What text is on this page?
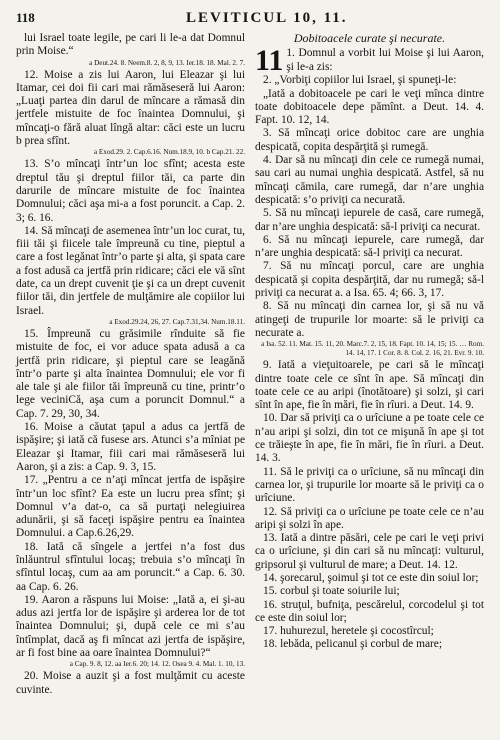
118	LEVITICUL 10, 11.

lui Israel toate legile, pe cari li le-a dat Domnul prin Moise.“

a Deut.24. 8. Neem.8. 2, 8, 9, 13. Ier.18. 18. Mal. 2. 7.

12. Moise a zis lui Aaron, lui Eleazar şi lui Itamar, cei doi fii cari mai rămăseseră lui Aaron: „Luaţi partea din darul de mîncare a rămasă din jertfele mistuite de foc înaintea Domnului, şi mîncaţi-o fără aluat lîngă altar: căci este un lucru b prea sfînt.

a Exod.29. 2. Cap.6.16. Num.18.9, 10. b Cap.21. 22.

13. S’o mîncaţi într’un loc sfînt; acesta este dreptul tău şi dreptul fiilor tăi, ca parte din darurile de mîncare mistuite de foc înaintea Domnului; căci aşa mi-a a fost poruncit. a Cap. 2. 3; 6. 16.

14. Să mîncaţi de asemenea într’un loc curat, tu, fiii tăi şi fiicele tale împreună cu tine, pieptul a care a fost legănat într’o parte şi alta, şi spata care a fost adusă ca jertfă prin ridicare; căci ele vă sînt date, ca un drept cuvenit ţie şi ca un drept cuvenit fiilor tăi, din jertfele de mulţămire ale copiilor lui Israel.

a Exod.29.24, 26, 27. Cap.7.31,34. Num.18.11.

15. Împreună cu grăsimile rînduite să fie mistuite de foc, ei vor aduce spata adusă a ca jertfă prin ridicare, şi pieptul care se leagănă într’o parte şi alta înaintea Domnului; ele vor fi ale tale şi ale fiilor tăi împreună cu tine, printr’o lege veciniCă, aşa cum a poruncit Domnul.“ a Cap. 7. 29, 30, 34.

16. Moise a căutat ţapul a adus ca jertfă de ispăşire; şi iată că fusese ars. Atunci s’a mîniat pe Eleazar şi Itamar, fiii cari mai rămăseseră lui Aaron, şi a zis: a Cap. 9. 3, 15.

17. „Pentru a ce n’aţi mîncat jertfa de ispăşire într’un loc sfînt? Ea este un lucru prea sfînt; şi Domnul v’a dat-o, ca să purtaţi nelegiuirea adunării, şi să faceţi ispăşire pentru ea înaintea Domnului. a Cap.6.26,29.

18. Iată că sîngele a jertfei n’a fost dus înlăuntrul sfîntului locaş; trebuia s’o mîncaţi în sfîntul locaş, cum aa am poruncit.“ a Cap. 6. 30. aa Cap. 6. 26.

19. Aaron a răspuns lui Moise: „Iată a, ei şi-au adus azi jertfa lor de ispăşire şi arderea lor de tot înaintea Domnului; şi, după cele ce mi s’au întîmplat, dacă aş fi mîncat azi jertfa de ispăşire, ar fi fost bine aa oare înaintea Domnului?“

a Cap. 9. 8, 12. aa Ier.6. 20; 14. 12. Osea 9. 4. Mal. 1. 10, 13.

20. Moise a auzit şi a fost mulţămit cu aceste cuvinte.

Dobitoacele curate şi necurate.

11 1. Domnul a vorbit lui Moise şi lui Aaron, şi le-a zis:

2. „Vorbiţi copiilor lui Israel, şi spuneţi-le:

„Iată a dobitoacele pe cari le veţi mînca dintre toate dobitoacele depe pămînt. a Deut. 14. 4. Fapt. 10. 12, 14.

3. Să mîncaţi orice dobitoc care are unghia despicată, copita despărţită şi rumegă.

4. Dar să nu mîncaţi din cele ce rumegă numai, sau cari au numai unghia despicată. Astfel, să nu mîncaţi cămila, care rumegă, dar n’are unghia despicată: s’o priviţi ca necurată.

5. Să nu mîncaţi iepurele de casă, care rumegă, dar n’are unghia despicată: să-l priviţi ca necurat.

6. Să nu mîncaţi iepurele, care rumegă, dar n’are unghia despicată: să-l priviţi ca necurat.

7. Să nu mîncaţi porcul, care are unghia despicată şi copita despărţită, dar nu rumegă; să-l priviţi ca necurat a. a Isa. 65. 4; 66. 3, 17.

8. Să nu mîncaţi din carnea lor, şi să nu vă atingeţi de trupurile lor moarte: să le priviţi ca necurate a.

a Isa. 52. 11. Mat. 15. 11, 20. Marc.7. 2, 15, 18. Fapt. 10. 14, 15; 15. … Rom. 14. 14, 17. 1 Cor. 8. 8. Col. 2. 16, 21. Evr. 9. 10.

9. Iată a vieţuitoarele, pe cari să le mîncaţi dintre toate cele ce sînt în ape. Să mîncaţi din toate cele ce au aripi (înotătoare) şi solzi, şi cari sînt în ape, fie în mări, fie în rîuri. a Deut. 14. 9.

10. Dar să priviţi ca o urîciune a pe toate cele ce n’au aripi şi solzi, din tot ce mişună în ape şi tot ce trăieşte în ape, fie în mări, fie în rîuri. a Deut. 14. 3.

11. Să le priviţi ca o urîciune, să nu mîncaţi din carnea lor, şi trupurile lor moarte să le priviţi ca o urîciune.

12. Să priviţi ca o urîciune pe toate cele ce n’au aripi şi solzi în ape.

13. Iată a dintre păsări, cele pe cari le veţi privi ca o urîciune, şi din cari să nu mîncaţi: vulturul, gripsorul şi vulturul de mare; a Deut. 14. 12.

14. şorecarul, şoimul şi tot ce este din soiul lor;

15. corbul şi toate soiurile lui;

16. struţul, bufniţa, pescărelul, corcodelul şi tot ce este din soiul lor;

17. huhurezul, heretele şi cocostîrcul;

18. lebăda, pelicanul şi corbul de mare;
